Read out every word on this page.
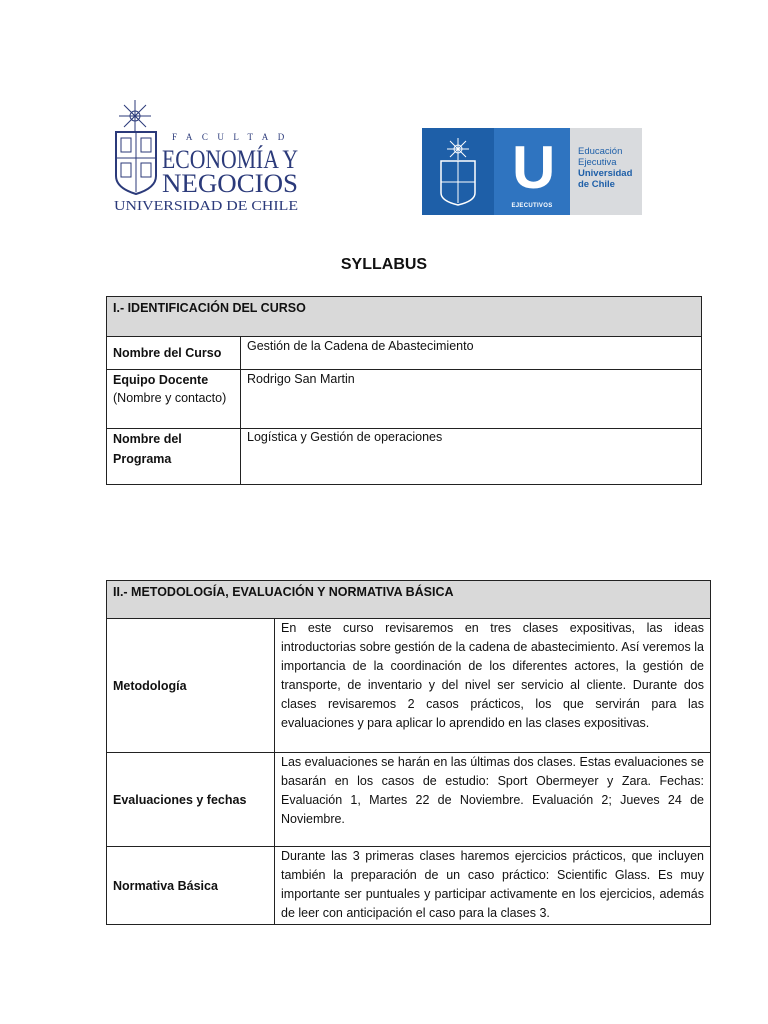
FACULTAD
ECONOMÍA Y
NEGOCIOS
UNIVERSIDAD DE CHILE
U
EJECUTIVOS
Educación
Ejecutiva
Universidad
de Chile
SYLLABUS
I.- IDENTIFICACIÓN DEL CURSO	
Nombre del Curso	Gestión de la Cadena de Abastecimiento

Equipo Docente
(Nombre y contacto)	Rodrigo San Martin
Nombre del Programa	Logística y Gestión de operaciones
II.- METODOLOGÍA, EVALUACIÓN Y NORMATIVA BÁSICA	
Metodología	En este curso revisaremos en tres clases expositivas, las ideas introductorias sobre gestión de la cadena de abastecimiento. Así veremos la importancia de la coordinación de los diferentes actores, la gestión de transporte, de inventario y del nivel ser servicio al cliente. Durante dos clases revisaremos 2 casos prácticos, los que servirán para las evaluaciones y para aplicar lo aprendido en las clases expositivas.
Evaluaciones y fechas	Las evaluaciones se harán en las últimas dos clases. Estas evaluaciones se basarán en los casos de estudio: Sport Obermeyer y Zara. Fechas: Evaluación 1, Martes 22 de Noviembre. Evaluación 2; Jueves 24 de Noviembre.
Normativa Básica	Durante las 3 primeras clases haremos ejercicios prácticos, que incluyen también la preparación de un caso práctico: Scientific Glass. Es muy importante ser puntuales y participar activamente en los ejercicios, además de leer con anticipación el caso para la clases 3.
